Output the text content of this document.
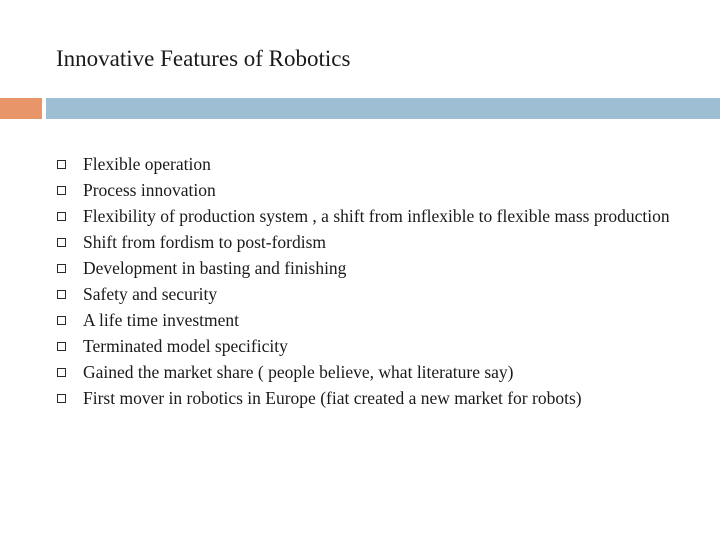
Innovative Features of Robotics
Flexible operation
Process innovation
Flexibility of production system , a shift from inflexible to flexible mass production
Shift from fordism to post-fordism
Development in basting and finishing
Safety and security
A life time investment
Terminated model specificity
Gained the market share ( people believe, what literature say)
First mover in robotics in Europe (fiat created a new market for robots)
